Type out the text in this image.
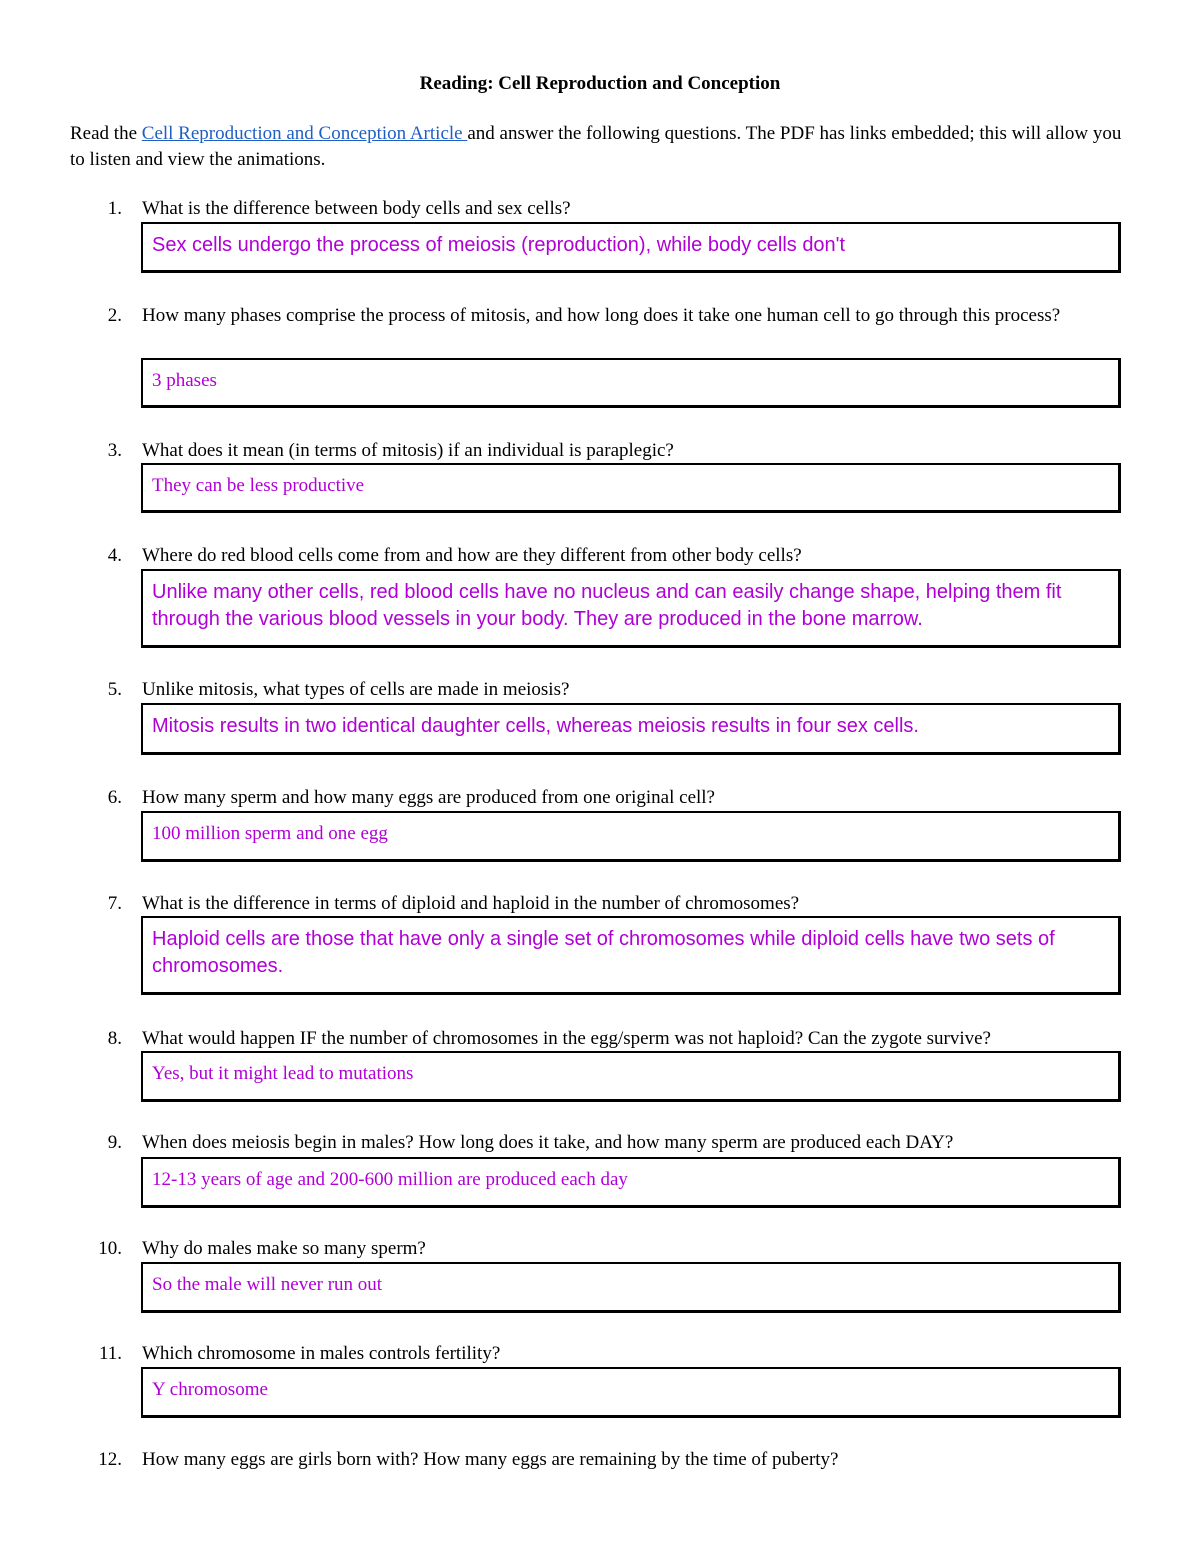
Reading: Cell Reproduction and Conception
Read the Cell Reproduction and Conception Article and answer the following questions. The PDF has links embedded; this will allow you to listen and view the animations.
1. What is the difference between body cells and sex cells?
Sex cells undergo the process of meiosis (reproduction), while body cells don't
2. How many phases comprise the process of mitosis, and how long does it take one human cell to go through this process?
3 phases
3. What does it mean (in terms of mitosis) if an individual is paraplegic?
They can be less productive
4. Where do red blood cells come from and how are they different from other body cells?
Unlike many other cells, red blood cells have no nucleus and can easily change shape, helping them fit through the various blood vessels in your body. They are produced in the bone marrow.
5. Unlike mitosis, what types of cells are made in meiosis?
Mitosis results in two identical daughter cells, whereas meiosis results in four sex cells.
6. How many sperm and how many eggs are produced from one original cell?
100 million sperm and one egg
7. What is the difference in terms of diploid and haploid in the number of chromosomes?
Haploid cells are those that have only a single set of chromosomes while diploid cells have two sets of chromosomes.
8. What would happen IF the number of chromosomes in the egg/sperm was not haploid? Can the zygote survive?
Yes, but it might lead to mutations
9. When does meiosis begin in males? How long does it take, and how many sperm are produced each DAY?
12-13 years of age and 200-600 million are produced each day
10. Why do males make so many sperm?
So the male will never run out
11. Which chromosome in males controls fertility?
Y chromosome
12. How many eggs are girls born with? How many eggs are remaining by the time of puberty?
